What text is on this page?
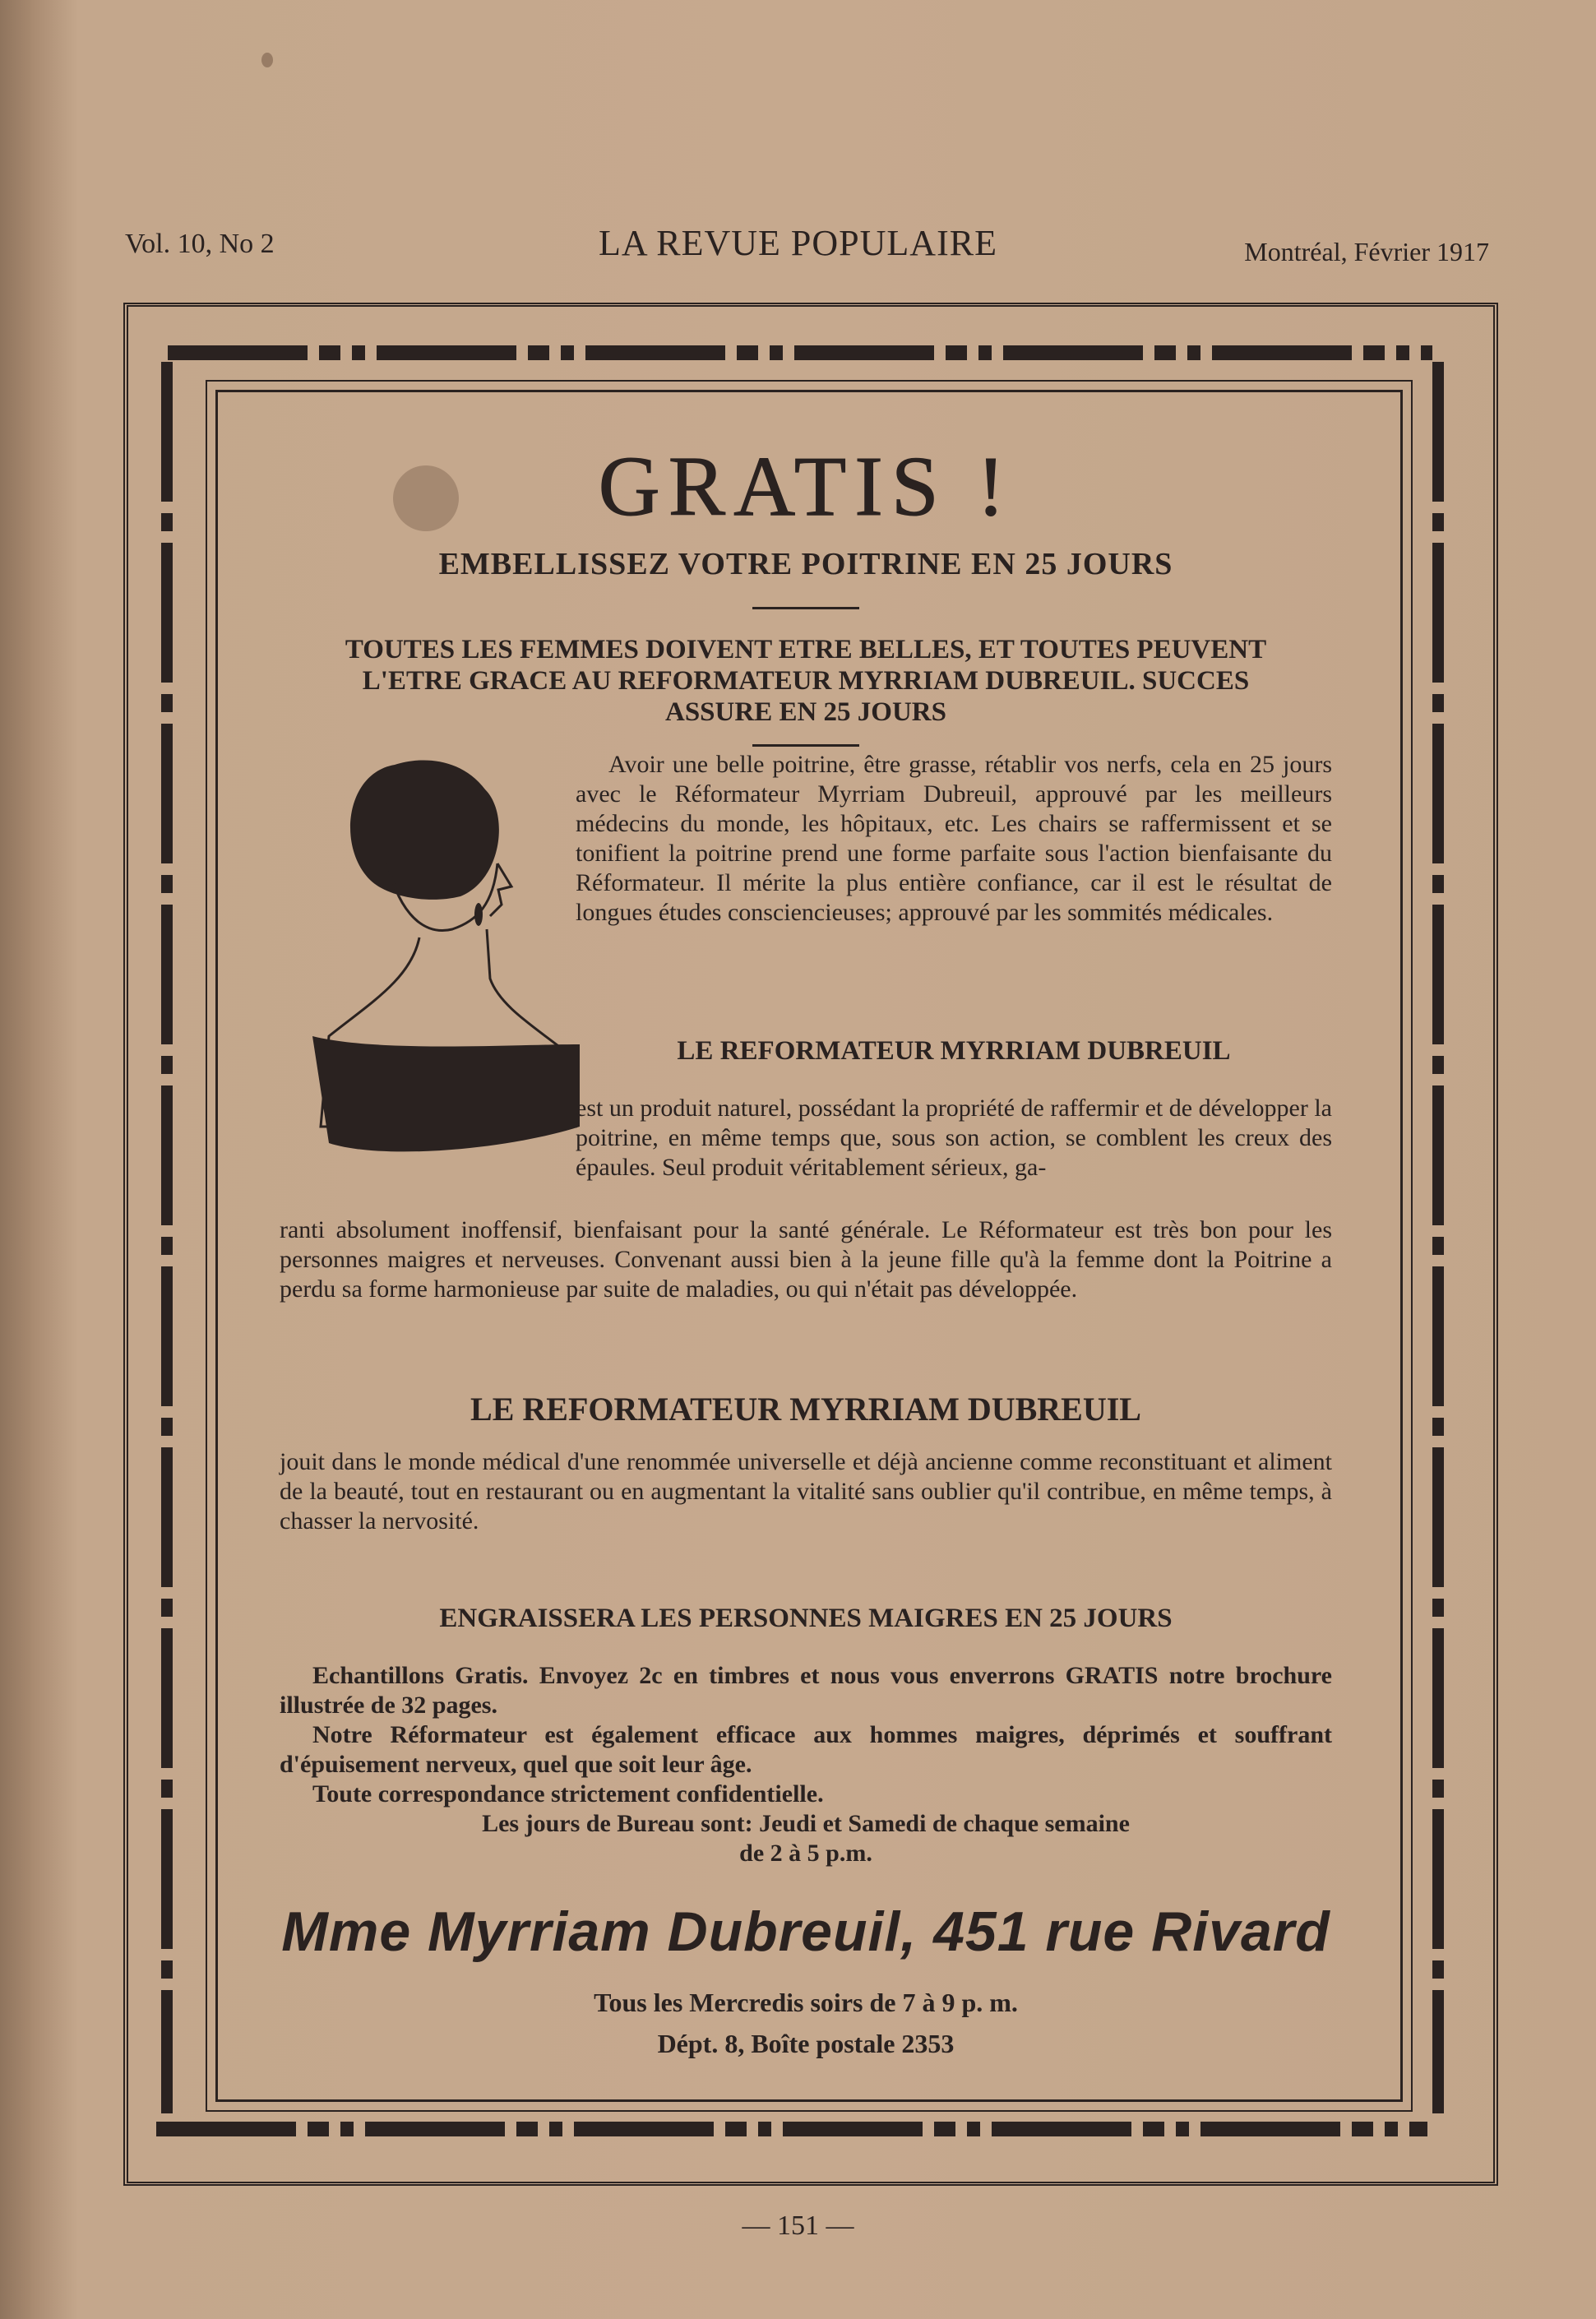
Vol. 10, No 2	LA REVUE POPULAIRE	Montréal, Février 1917
GRATIS !
EMBELLISSEZ VOTRE POITRINE EN 25 JOURS
TOUTES LES FEMMES DOIVENT ETRE BELLES, ET TOUTES PEUVENT L'ETRE GRACE AU REFORMATEUR MYRRIAM DUBREUIL. SUCCES ASSURE EN 25 JOURS
Avoir une belle poitrine, être grasse, rétablir vos nerfs, cela en 25 jours avec le Réformateur Myrriam Dubreuil, approuvé par les meilleurs médecins du monde, les hôpitaux, etc. Les chairs se raffermissent et se tonifient la poitrine prend une forme parfaite sous l'action bienfaisante du Réformateur. Il mérite la plus entière confiance, car il est le résultat de longues études consciencieuses; approuvé par les sommités médicales.
LE REFORMATEUR MYRRIAM DUBREUIL
est un produit naturel, possédant la propriété de raffermir et de développer la poitrine, en même temps que, sous son action, se comblent les creux des épaules. Seul produit véritablement sérieux, ga-
ranti absolument inoffensif, bienfaisant pour la santé générale. Le Réformateur est très bon pour les personnes maigres et nerveuses. Convenant aussi bien à la jeune fille qu'à la femme dont la Poitrine a perdu sa forme harmonieuse par suite de maladies, ou qui n'était pas développée.
LE REFORMATEUR MYRRIAM DUBREUIL
jouit dans le monde médical d'une renommée universelle et déjà ancienne comme reconstituant et aliment de la beauté, tout en restaurant ou en augmentant la vitalité sans oublier qu'il contribue, en même temps, à chasser la nervosité.
ENGRAISSERA LES PERSONNES MAIGRES EN 25 JOURS

Echantillons Gratis. Envoyez 2c en timbres et nous vous enverrons GRATIS notre brochure illustrée de 32 pages.

Notre Réformateur est également efficace aux hommes maigres, déprimés et souffrant d'épuisement nerveux, quel que soit leur âge.

Toute correspondance strictement confidentielle.

Les jours de Bureau sont: Jeudi et Samedi de chaque semaine

de 2 à 5 p.m.

Mme Myrriam Dubreuil, 451 rue Rivard
Tous les Mercredis soirs de 7 à 9 p. m.
Dépt. 8, Boîte postale 2353
— 151 —
